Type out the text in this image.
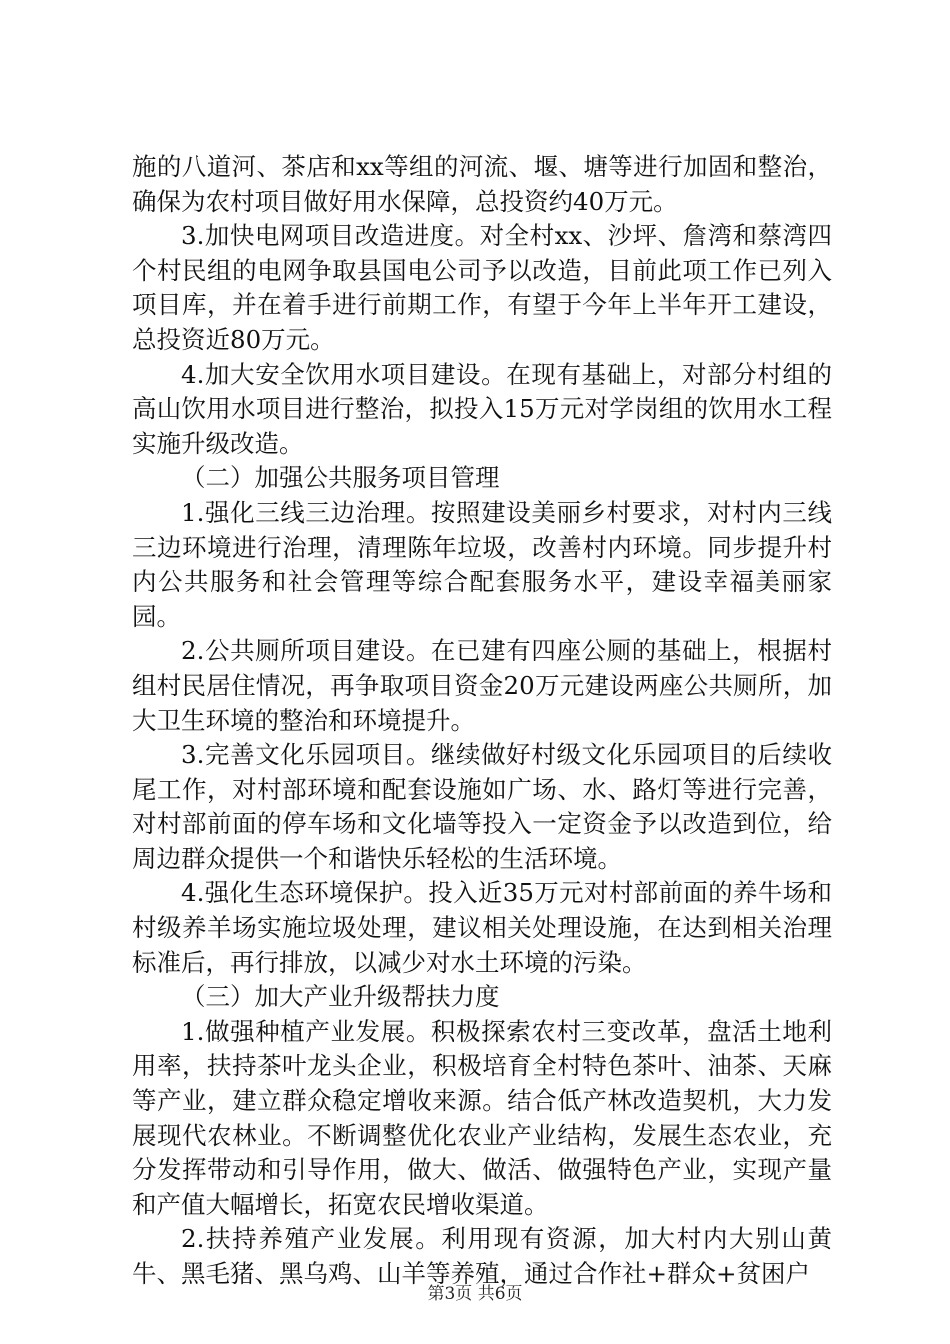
施的八道河、茶店和xx等组的河流、堰、塘等进行加固和整治，确保为农村项目做好用水保障，总投资约40万元。

3.加快电网项目改造进度。对全村xx、沙坪、詹湾和蔡湾四个村民组的电网争取县国电公司予以改造，目前此项工作已列入项目库，并在着手进行前期工作，有望于今年上半年开工建设，总投资近80万元。

4.加大安全饮用水项目建设。在现有基础上，对部分村组的高山饮用水项目进行整治，拟投入15万元对学岗组的饮用水工程实施升级改造。

（二）加强公共服务项目管理

1.强化三线三边治理。按照建设美丽乡村要求，对村内三线三边环境进行治理，清理陈年垃圾，改善村内环境。同步提升村内公共服务和社会管理等综合配套服务水平，建设幸福美丽家园。

2.公共厕所项目建设。在已建有四座公厕的基础上，根据村组村民居住情况，再争取项目资金20万元建设两座公共厕所，加大卫生环境的整治和环境提升。

3.完善文化乐园项目。继续做好村级文化乐园项目的后续收尾工作，对村部环境和配套设施如广场、水、路灯等进行完善，对村部前面的停车场和文化墙等投入一定资金予以改造到位，给周边群众提供一个和谐快乐轻松的生活环境。

4.强化生态环境保护。投入近35万元对村部前面的养牛场和村级养羊场实施垃圾处理，建议相关处理设施，在达到相关治理标准后，再行排放，以减少对水土环境的污染。

（三）加大产业升级帮扶力度

1.做强种植产业发展。积极探索农村三变改革，盘活土地利用率，扶持茶叶龙头企业，积极培育全村特色茶叶、油茶、天麻等产业，建立群众稳定增收来源。结合低产林改造契机，大力发展现代农林业。不断调整优化农业产业结构，发展生态农业，充分发挥带动和引导作用，做大、做活、做强特色产业，实现产量和产值大幅增长，拓宽农民增收渠道。

2.扶持养殖产业发展。利用现有资源，加大村内大别山黄牛、黑毛猪、黑乌鸡、山羊等养殖，通过合作社+群众+贫困户

第3页 共6页
